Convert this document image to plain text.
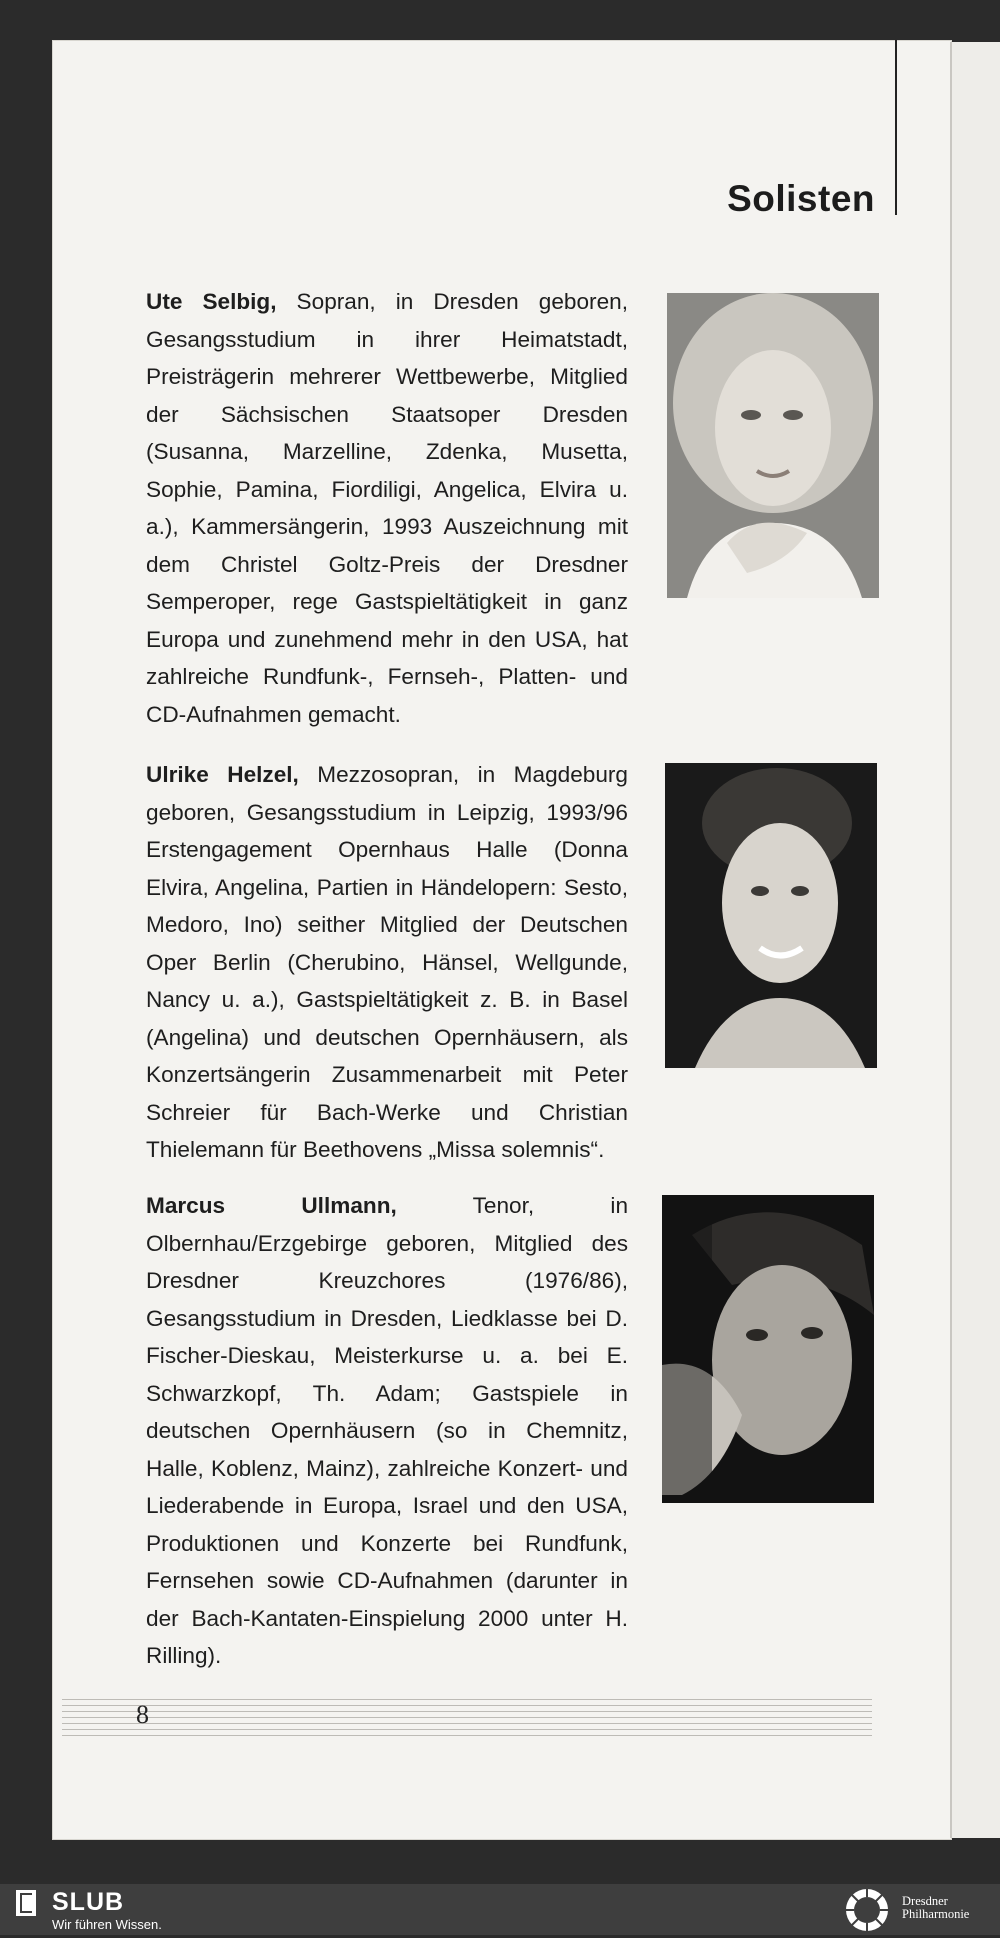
Solisten

Ute Selbig, Sopran, in Dresden geboren, Gesangsstudium in ihrer Heimatstadt, Preisträgerin mehrerer Wettbewerbe, Mitglied der Sächsischen Staatsoper Dresden (Susanna, Marzelline, Zdenka, Musetta, Sophie, Pamina, Fiordiligi, Angelica, Elvira u. a.), Kammersängerin, 1993 Auszeichnung mit dem Christel Goltz-Preis der Dresdner Semperoper, rege Gastspieltätigkeit in ganz Europa und zunehmend mehr in den USA, hat zahlreiche Rundfunk-, Fernseh-, Platten- und CD-Aufnahmen gemacht.

Ulrike Helzel, Mezzosopran, in Magdeburg geboren, Gesangsstudium in Leipzig, 1993/96 Erstengagement Opernhaus Halle (Donna Elvira, Angelina, Partien in Händelopern: Sesto, Medoro, Ino) seither Mitglied der Deutschen Oper Berlin (Cherubino, Hänsel, Wellgunde, Nancy u. a.), Gastspieltätigkeit z. B. in Basel (Angelina) und deutschen Opernhäusern, als Konzertsängerin Zusammenarbeit mit Peter Schreier für Bach-Werke und Christian Thielemann für Beethovens „Missa solemnis“.

Marcus Ullmann, Tenor, in Olbernhau/Erzgebirge geboren, Mitglied des Dresdner Kreuzchores (1976/86), Gesangsstudium in Dresden, Liedklasse bei D. Fischer-Dieskau, Meisterkurse u. a. bei E. Schwarzkopf, Th. Adam; Gastspiele in deutschen Opernhäusern (so in Chemnitz, Halle, Koblenz, Mainz), zahlreiche Konzert- und Liederabende in Europa, Israel und den USA, Produktionen und Konzerte bei Rundfunk, Fernsehen sowie CD-Aufnahmen (darunter in der Bach-Kantaten-Einspielung 2000 unter H. Rilling).

8

SLUB

Wir führen Wissen.

Dresdner
Philharmonie
